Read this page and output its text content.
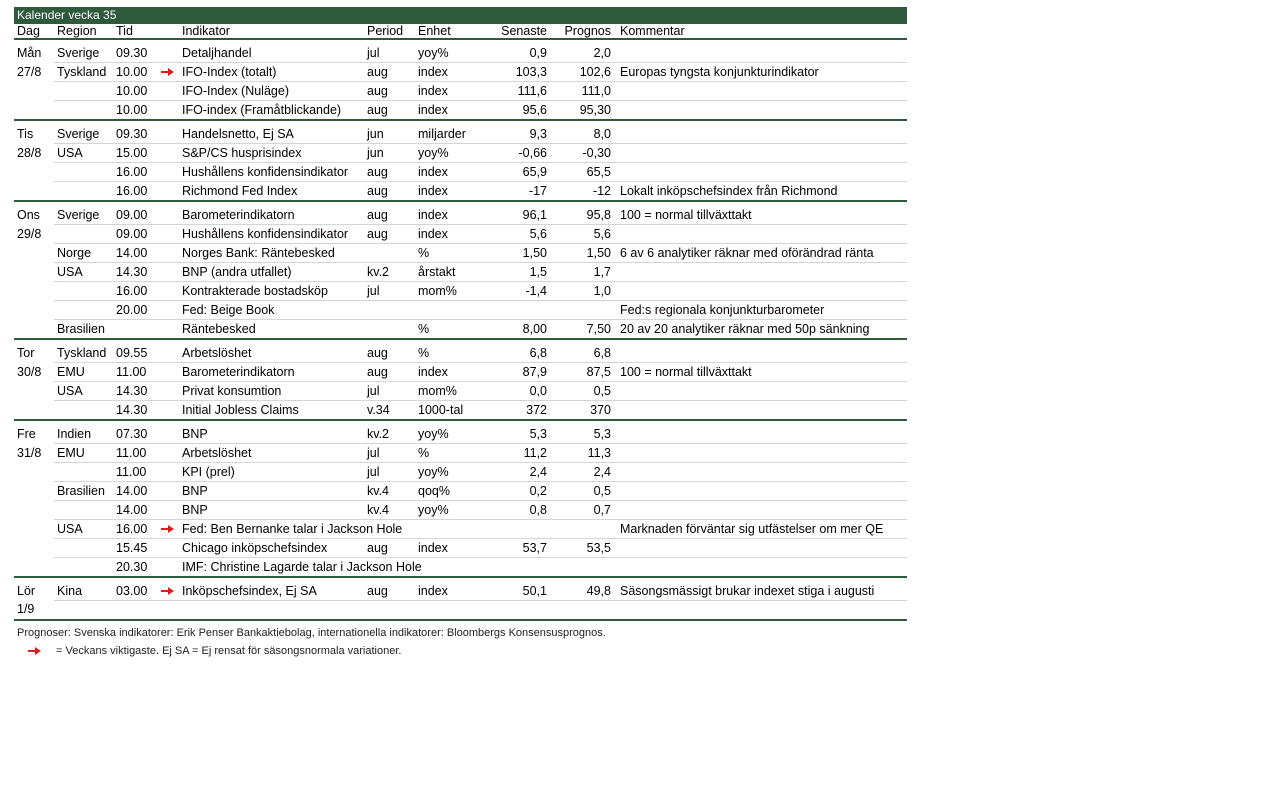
Kalender vecka 35
Dag	Region	Tid		Indikator	Period	Enhet	Senaste	Prognos	Kommentar
Mån	Sverige	09.30		Detaljhandel	jul	yoy%	0,9	2,0	
27/8	Tyskland	10.00		IFO-Index (totalt)	aug	index	103,3	102,6	Europas tyngsta konjunkturindikator
		10.00		IFO-Index (Nuläge)	aug	index	111,6	111,0	
		10.00		IFO-index (Framåtblickande)	aug	index	95,6	95,30	
Tis	Sverige	09.30		Handelsnetto, Ej SA	jun	miljarder	9,3	8,0	
28/8	USA	15.00		S&P/CS husprisindex	jun	yoy%	-0,66	-0,30	
		16.00		Hushållens konfidensindikator	aug	index	65,9	65,5	
		16.00		Richmond Fed Index	aug	index	-17	-12	Lokalt inköpschefsindex från Richmond
Ons	Sverige	09.00		Barometerindikatorn	aug	index	96,1	95,8	100 = normal tillväxttakt
29/8		09.00		Hushållens konfidensindikator	aug	index	5,6	5,6	
	Norge	14.00		Norges Bank: Räntebesked		%	1,50	1,50	6 av 6 analytiker räknar med oförändrad ränta
	USA	14.30		BNP (andra utfallet)	kv.2	årstakt	1,5	1,7	
		16.00		Kontrakterade bostadsköp	jul	mom%	-1,4	1,0	
		20.00		Fed: Beige Book					Fed:s regionala konjunkturbarometer
	Brasilien			Räntebesked		%	8,00	7,50	20 av 20 analytiker räknar med 50p sänkning
Tor	Tyskland	09.55		Arbetslöshet	aug	%	6,8	6,8	
30/8	EMU	11.00		Barometerindikatorn	aug	index	87,9	87,5	100 = normal tillväxttakt
	USA	14.30		Privat konsumtion	jul	mom%	0,0	0,5	
		14.30		Initial Jobless Claims	v.34	1000-tal	372	370	
Fre	Indien	07.30		BNP	kv.2	yoy%	5,3	5,3	
31/8	EMU	11.00		Arbetslöshet	jul	%	11,2	11,3	
		11.00		KPI (prel)	jul	yoy%	2,4	2,4	
	Brasilien	14.00		BNP	kv.4	qoq%	0,2	0,5	
		14.00		BNP	kv.4	yoy%	0,8	0,7	
	USA	16.00		Fed: Ben Bernanke talar i Jackson Hole					Marknaden förväntar sig utfästelser om mer QE
		15.45		Chicago inköpschefsindex	aug	index	53,7	53,5	
		20.30		IMF: Christine Lagarde talar i Jackson Hole					
Lör	Kina	03.00		Inköpschefsindex, Ej SA	aug	index	50,1	49,8	Säsongsmässigt brukar indexet stiga i augusti
1/9									
Prognoser: Svenska indikatorer: Erik Penser Bankaktiebolag, internationella indikatorer: Bloombergs Konsensusprognos.
= Veckans viktigaste. Ej SA = Ej rensat för säsongsnormala variationer.
